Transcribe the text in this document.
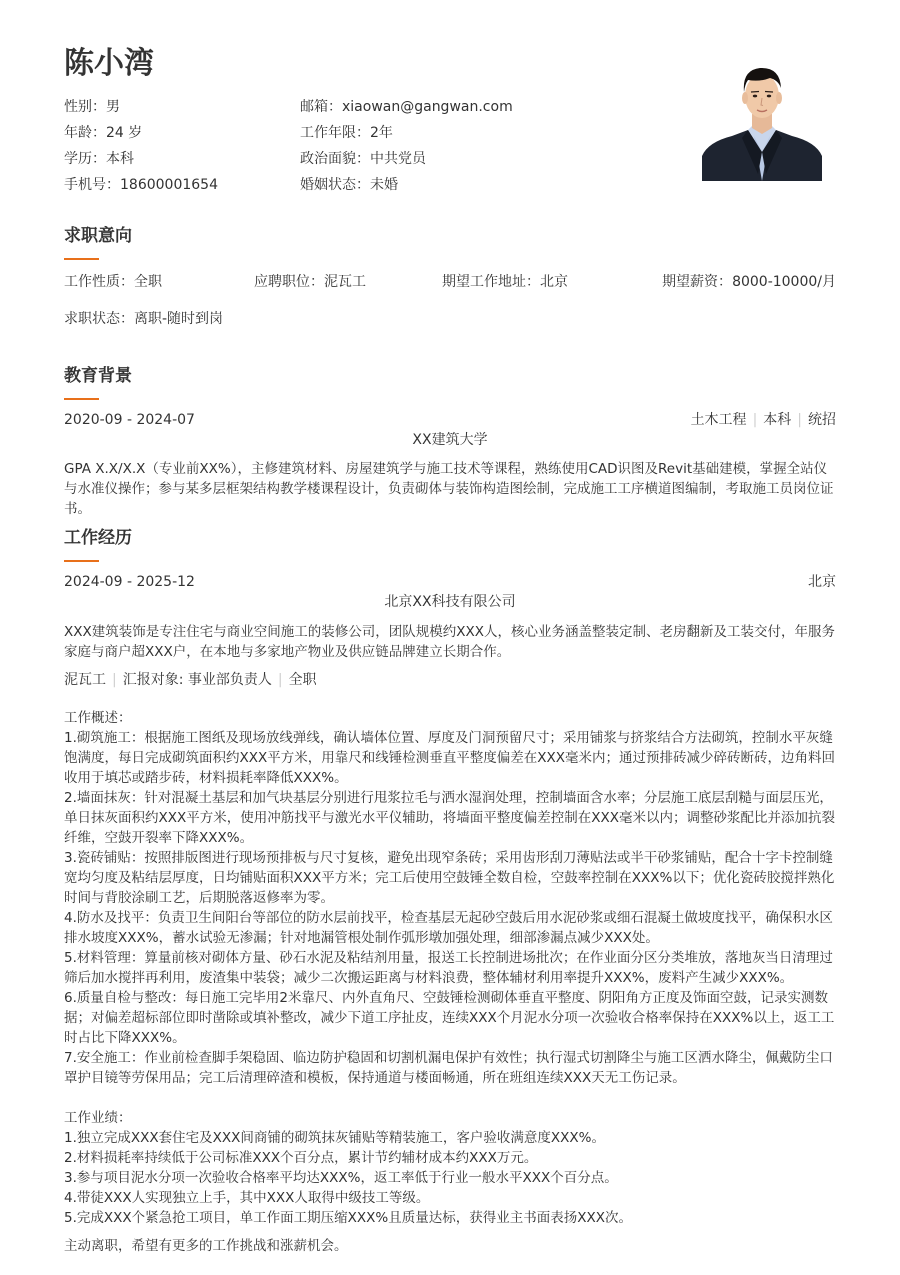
陈小湾
性别：男	邮箱：xiaowan@gangwan.com
年龄：24 岁	工作年限：2年
学历：本科	政治面貌：中共党员
手机号：18600001654	婚姻状态：未婚
求职意向
工作性质：全职	应聘职位：泥瓦工	期望工作地址：北京	期望薪资：8000-10000/月
求职状态：离职-随时到岗
教育背景
2020-09 - 2024-07	土木工程 | 本科 | 统招
XX建筑大学

GPA X.X/X.X（专业前XX%），主修建筑材料、房屋建筑学与施工技术等课程，熟练使用CAD识图及Revit基础建模，掌握全站仪与水准仪操作；参与某多层框架结构教学楼课程设计，负责砌体与装饰构造图绘制，完成施工工序横道图编制，考取施工员岗位证书。

工作经历
2024-09 - 2025-12	北京
北京XX科技有限公司

XXX建筑装饰是专注住宅与商业空间施工的装修公司，团队规模约XXX人，核心业务涵盖整装定制、老房翻新及工装交付，年服务家庭与商户超XXX户，在本地与多家地产物业及供应链品牌建立长期合作。

泥瓦工 | 汇报对象: 事业部负责人 | 全职

工作概述：

1.砌筑施工：根据施工图纸及现场放线弹线，确认墙体位置、厚度及门洞预留尺寸；采用铺浆与挤浆结合方法砌筑，控制水平灰缝饱满度，每日完成砌筑面积约XXX平方米，用靠尺和线锤检测垂直平整度偏差在XXX毫米内；通过预排砖减少碎砖断砖，边角料回收用于填芯或踏步砖，材料损耗率降低XXX%。

2.墙面抹灰：针对混凝土基层和加气块基层分别进行甩浆拉毛与洒水湿润处理，控制墙面含水率；分层施工底层刮糙与面层压光，单日抹灰面积约XXX平方米，使用冲筋找平与激光水平仪辅助，将墙面平整度偏差控制在XXX毫米以内；调整砂浆配比并添加抗裂纤维，空鼓开裂率下降XXX%。

3.瓷砖铺贴：按照排版图进行现场预排板与尺寸复核，避免出现窄条砖；采用齿形刮刀薄贴法或半干砂浆铺贴，配合十字卡控制缝宽均匀度及粘结层厚度，日均铺贴面积XXX平方米；完工后使用空鼓锤全数自检，空鼓率控制在XXX%以下；优化瓷砖胶搅拌熟化时间与背胶涂刷工艺，后期脱落返修率为零。

4.防水及找平：负责卫生间阳台等部位的防水层前找平，检查基层无起砂空鼓后用水泥砂浆或细石混凝土做坡度找平，确保积水区排水坡度XXX%，蓄水试验无渗漏；针对地漏管根处制作弧形墩加强处理，细部渗漏点减少XXX处。

5.材料管理：算量前核对砌体方量、砂石水泥及粘结剂用量，报送工长控制进场批次；在作业面分区分类堆放，落地灰当日清理过筛后加水搅拌再利用，废渣集中装袋；减少二次搬运距离与材料浪费，整体辅材利用率提升XXX%，废料产生减少XXX%。

6.质量自检与整改：每日施工完毕用2米靠尺、内外直角尺、空鼓锤检测砌体垂直平整度、阴阳角方正度及饰面空鼓，记录实测数据；对偏差超标部位即时凿除或填补整改，减少下道工序扯皮，连续XXX个月泥水分项一次验收合格率保持在XXX%以上，返工工时占比下降XXX%。

7.安全施工：作业前检查脚手架稳固、临边防护稳固和切割机漏电保护有效性；执行湿式切割降尘与施工区洒水降尘，佩戴防尘口罩护目镜等劳保用品；完工后清理碎渣和模板，保持通道与楼面畅通，所在班组连续XXX天无工伤记录。

工作业绩：

1.独立完成XXX套住宅及XXX间商铺的砌筑抹灰铺贴等精装施工，客户验收满意度XXX%。

2.材料损耗率持续低于公司标准XXX个百分点，累计节约辅材成本约XXX万元。

3.参与项目泥水分项一次验收合格率平均达XXX%，返工率低于行业一般水平XXX个百分点。

4.带徒XXX人实现独立上手，其中XXX人取得中级技工等级。

5.完成XXX个紧急抢工项目，单工作面工期压缩XXX%且质量达标，获得业主书面表扬XXX次。

主动离职，希望有更多的工作挑战和涨薪机会。
